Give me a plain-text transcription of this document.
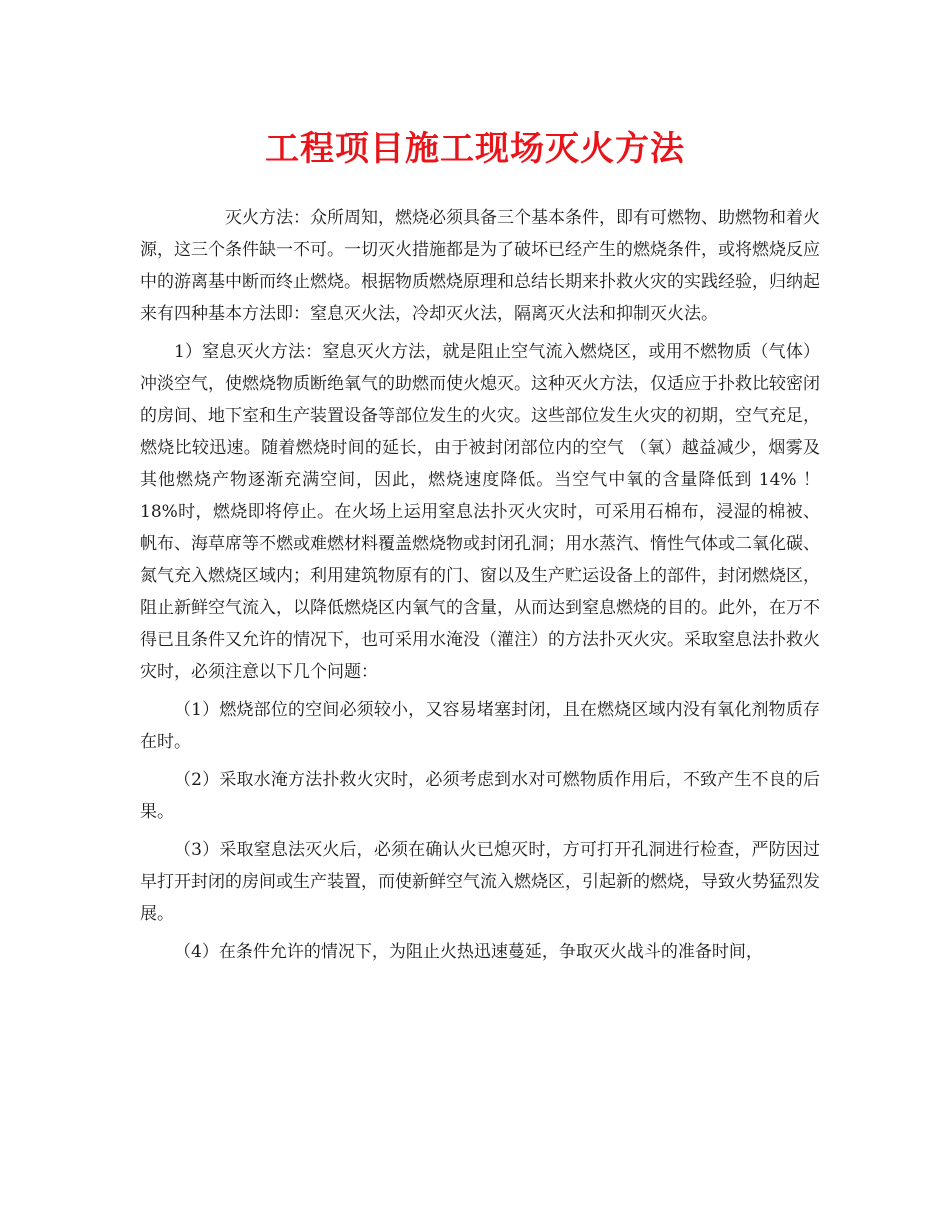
工程项目施工现场灭火方法

灭火方法：众所周知，燃烧必须具备三个基本条件，即有可燃物、助燃物和着火源，这三个条件缺一不可。一切灭火措施都是为了破坏已经产生的燃烧条件，或将燃烧反应中的游离基中断而终止燃烧。根据物质燃烧原理和总结长期来扑救火灾的实践经验，归纳起来有四种基本方法即：窒息灭火法，冷却灭火法，隔离灭火法和抑制灭火法。

1）窒息灭火方法：窒息灭火方法，就是阻止空气流入燃烧区，或用不燃物质（气体）冲淡空气，使燃烧物质断绝氧气的助燃而使火熄灭。这种灭火方法，仅适应于扑救比较密闭的房间、地下室和生产装置设备等部位发生的火灾。这些部位发生火灾的初期，空气充足，燃烧比较迅速。随着燃烧时间的延长，由于被封闭部位内的空气 （氧）越益减少，烟雾及其他燃烧产物逐渐充满空间，因此，燃烧速度降低。当空气中氧的含量降低到 14% ！ 18%时，燃烧即将停止。在火场上运用窒息法扑灭火灾时，可采用石棉布，浸湿的棉被、帆布、海草席等不燃或难燃材料覆盖燃烧物或封闭孔洞；用水蒸汽、惰性气体或二氧化碳、氮气充入燃烧区域内；利用建筑物原有的门、窗以及生产贮运设备上的部件，封闭燃烧区，阻止新鲜空气流入，以降低燃烧区内氧气的含量，从而达到窒息燃烧的目的。此外，在万不得已且条件又允许的情况下，也可采用水淹没（灌注）的方法扑灭火灾。采取窒息法扑救火灾时，必须注意以下几个问题：

（1）燃烧部位的空间必须较小，又容易堵塞封闭，且在燃烧区域内没有氧化剂物质存在时。

（2）采取水淹方法扑救火灾时，必须考虑到水对可燃物质作用后，不致产生不良的后果。

（3）采取窒息法灭火后，必须在确认火已熄灭时，方可打开孔洞进行检查，严防因过早打开封闭的房间或生产装置，而使新鲜空气流入燃烧区，引起新的燃烧，导致火势猛烈发展。

（4）在条件允许的情况下，为阻止火热迅速蔓延，争取灭火战斗的准备时间，
